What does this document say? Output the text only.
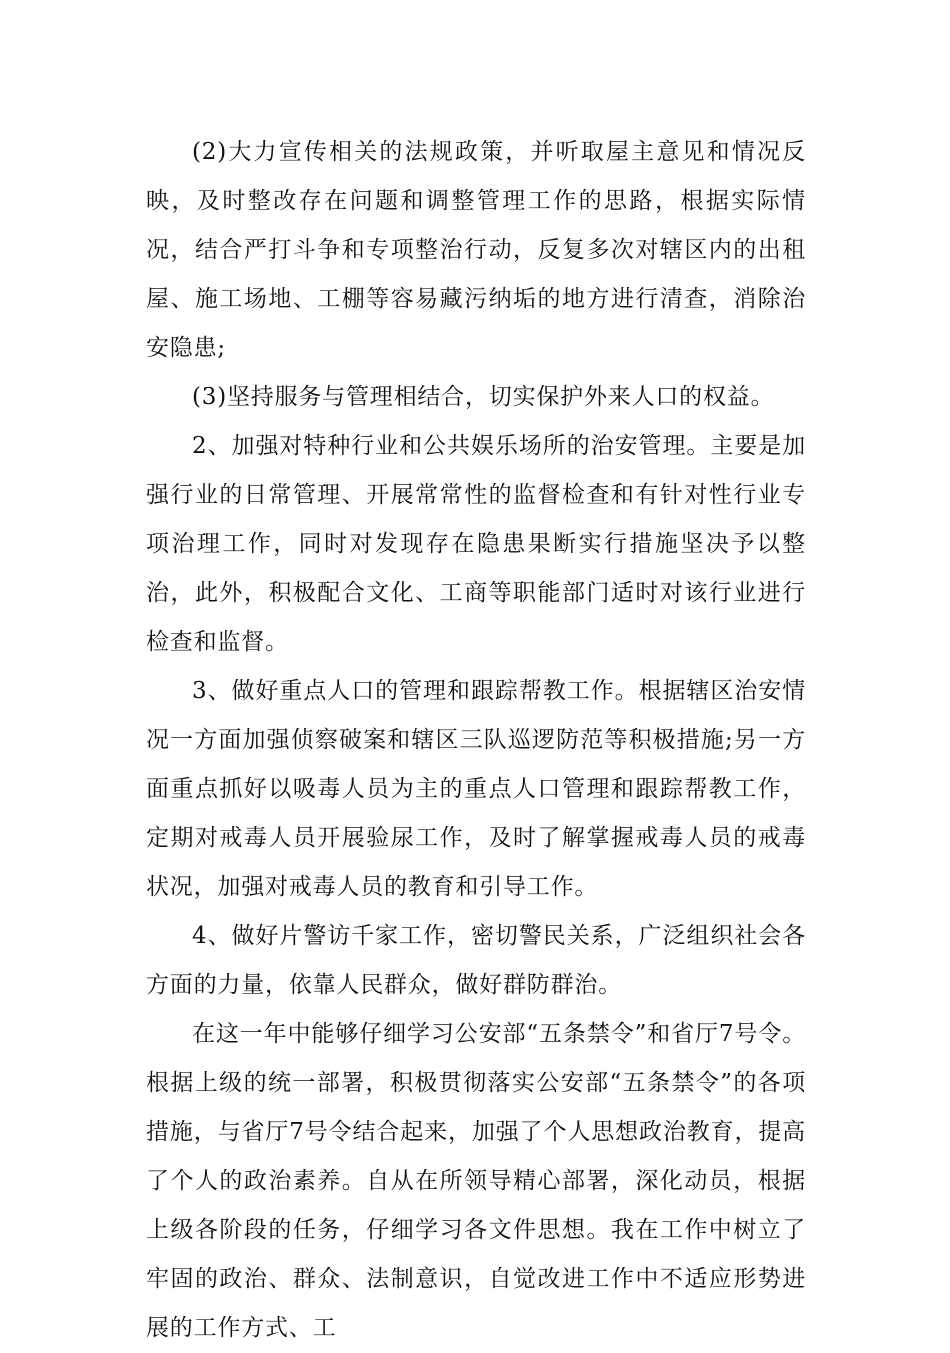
(2)大力宣传相关的法规政策，并听取屋主意见和情况反映，及时整改存在问题和调整管理工作的思路，根据实际情况，结合严打斗争和专项整治行动，反复多次对辖区内的出租屋、施工场地、工棚等容易藏污纳垢的地方进行清查，消除治安隐患;

(3)坚持服务与管理相结合，切实保护外来人口的权益。

2、加强对特种行业和公共娱乐场所的治安管理。主要是加强行业的日常管理、开展常常性的监督检查和有针对性行业专项治理工作，同时对发现存在隐患果断实行措施坚决予以整治，此外，积极配合文化、工商等职能部门适时对该行业进行检查和监督。

3、做好重点人口的管理和跟踪帮教工作。根据辖区治安情况一方面加强侦察破案和辖区三队巡逻防范等积极措施;另一方面重点抓好以吸毒人员为主的重点人口管理和跟踪帮教工作，定期对戒毒人员开展验尿工作，及时了解掌握戒毒人员的戒毒状况，加强对戒毒人员的教育和引导工作。

4、做好片警访千家工作，密切警民关系，广泛组织社会各方面的力量，依靠人民群众，做好群防群治。

在这一年中能够仔细学习公安部“五条禁令”和省厅7号令。根据上级的统一部署，积极贯彻落实公安部“五条禁令”的各项措施，与省厅7号令结合起来，加强了个人思想政治教育，提高了个人的政治素养。自从在所领导精心部署，深化动员，根据上级各阶段的任务，仔细学习各文件思想。我在工作中树立了牢固的政治、群众、法制意识，自觉改进工作中不适应形势进展的工作方式、工
